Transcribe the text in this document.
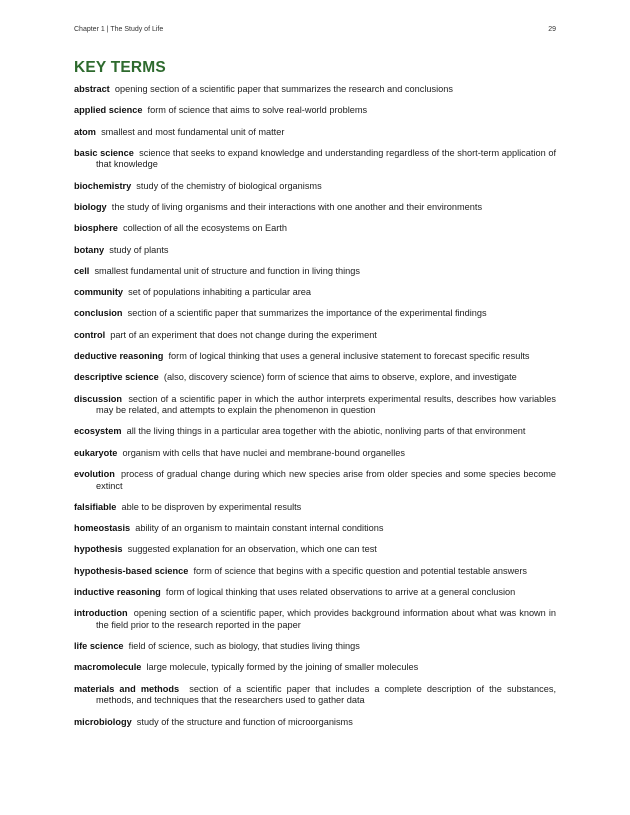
Chapter 1 | The Study of Life	29
KEY TERMS

abstract opening section of a scientific paper that summarizes the research and conclusions

applied science form of science that aims to solve real-world problems

atom smallest and most fundamental unit of matter

basic science science that seeks to expand knowledge and understanding regardless of the short-term application of that knowledge

biochemistry study of the chemistry of biological organisms

biology the study of living organisms and their interactions with one another and their environments

biosphere collection of all the ecosystems on Earth

botany study of plants

cell smallest fundamental unit of structure and function in living things

community set of populations inhabiting a particular area

conclusion section of a scientific paper that summarizes the importance of the experimental findings

control part of an experiment that does not change during the experiment

deductive reasoning form of logical thinking that uses a general inclusive statement to forecast specific results

descriptive science (also, discovery science) form of science that aims to observe, explore, and investigate

discussion section of a scientific paper in which the author interprets experimental results, describes how variables may be related, and attempts to explain the phenomenon in question

ecosystem all the living things in a particular area together with the abiotic, nonliving parts of that environment

eukaryote organism with cells that have nuclei and membrane-bound organelles

evolution process of gradual change during which new species arise from older species and some species become extinct

falsifiable able to be disproven by experimental results

homeostasis ability of an organism to maintain constant internal conditions

hypothesis suggested explanation for an observation, which one can test

hypothesis-based science form of science that begins with a specific question and potential testable answers

inductive reasoning form of logical thinking that uses related observations to arrive at a general conclusion

introduction opening section of a scientific paper, which provides background information about what was known in the field prior to the research reported in the paper

life science field of science, such as biology, that studies living things

macromolecule large molecule, typically formed by the joining of smaller molecules

materials and methods section of a scientific paper that includes a complete description of the substances, methods, and techniques that the researchers used to gather data

microbiology study of the structure and function of microorganisms
